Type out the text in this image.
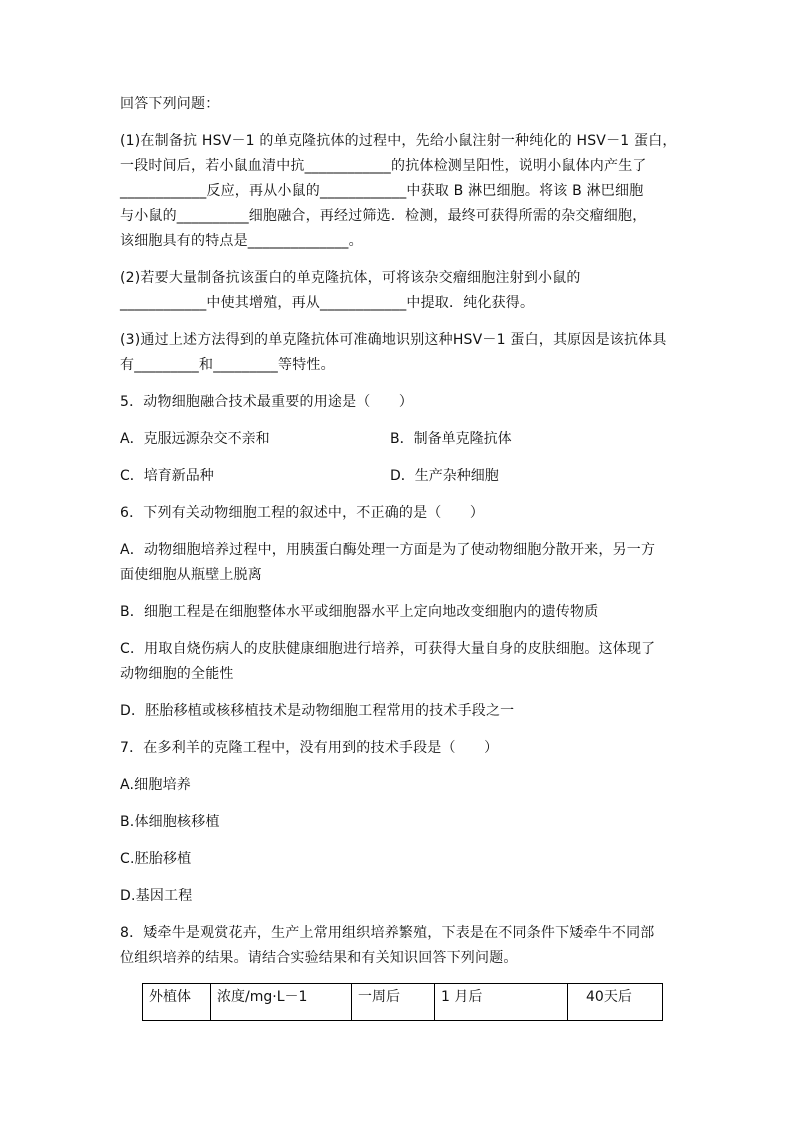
回答下列问题：

(1)在制备抗 HSV－1 的单克隆抗体的过程中，先给小鼠注射一种纯化的 HSV－1 蛋白，
一段时间后，若小鼠血清中抗____________的抗体检测呈阳性，说明小鼠体内产生了
____________反应，再从小鼠的____________中获取 B 淋巴细胞。将该 B 淋巴细胞
与小鼠的__________细胞融合，再经过筛选．检测，最终可获得所需的杂交瘤细胞，
该细胞具有的特点是______________。
(2)若要大量制备抗该蛋白的单克隆抗体，可将该杂交瘤细胞注射到小鼠的
____________中使其增殖，再从____________中提取．纯化获得。
(3)通过上述方法得到的单克隆抗体可准确地识别这种HSV－1 蛋白，其原因是该抗体具
有_________和_________等特性。

5．动物细胞融合技术最重要的用途是（　　）

A．克服远源杂交不亲和	B．制备单克隆抗体
C．培育新品种	D．生产杂种细胞

6．下列有关动物细胞工程的叙述中，不正确的是（　　）

A．动物细胞培养过程中，用胰蛋白酶处理一方面是为了使动物细胞分散开来，另一方
面使细胞从瓶壁上脱离

B．细胞工程是在细胞整体水平或细胞器水平上定向地改变细胞内的遗传物质

C．用取自烧伤病人的皮肤健康细胞进行培养，可获得大量自身的皮肤细胞。这体现了
动物细胞的全能性

D．胚胎移植或核移植技术是动物细胞工程常用的技术手段之一

7．在多利羊的克隆工程中，没有用到的技术手段是（　　）

A.细胞培养

B.体细胞核移植

C.胚胎移植

D.基因工程

8．矮牵牛是观赏花卉，生产上常用组织培养繁殖，下表是在不同条件下矮牵牛不同部
位组织培养的结果。请结合实验结果和有关知识回答下列问题。
外植体	浓度/mg·L－1	一周后	1 月后	40天后
